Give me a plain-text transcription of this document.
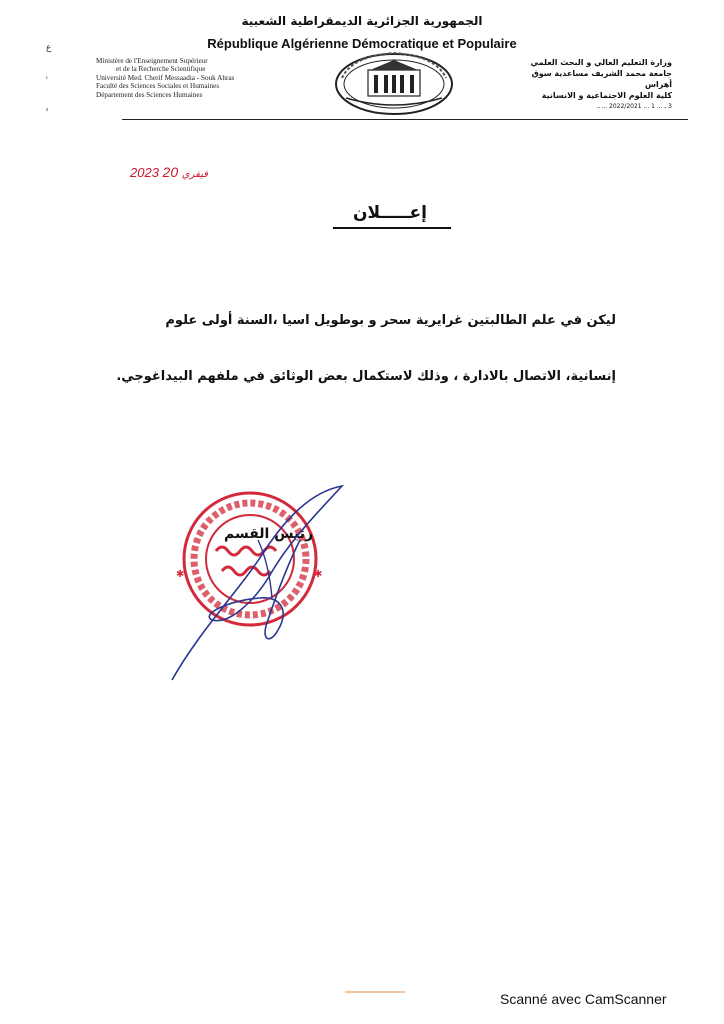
الجمهورية الجزائرية الديمقراطية الشعبية
République Algérienne Démocratique et Populaire
ع

ᶥ

ᶦ
Ministère de l'Enseignement Supérieur
et de la Recherche Scientifique
Université Med. Cherif Messaadia - Souk Ahras
Faculté des Sciences Sociales et Humaines
Département des Sciences Humaines
وزارة التعليم العالي و البحث العلمي
جامعة محمد الشريف مساعدية سوق
أهراس
كلية العلوم الاجتماعية و الانسانية
3 ـ ... 1 ... 2022/2021 ... ـ
2023 فيفري 20
إعـــــلان
ليكن في علم الطالبتين غرايرية سحر و بوطويل اسيا ،السنة أولى علوم
إنسانية، الاتصال بالادارة ، وذلك لاستكمال بعض الوثائق في ملفهم البيداغوجي.
✱	✱
رئيس القسم
Scanné avec CamScanner
